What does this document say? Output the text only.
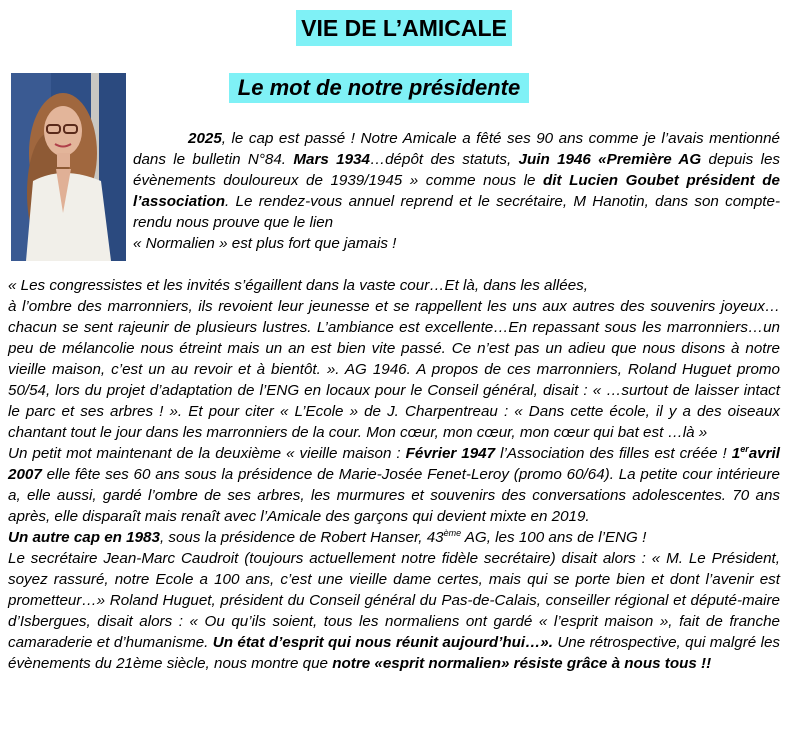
VIE DE L’AMICALE
Le mot de notre présidente

2025, le cap est passé ! Notre Amicale a fêté ses 90 ans comme je l’avais mentionné dans le bulletin N°84. Mars 1934…dépôt des statuts, Juin 1946 «Première AG depuis les évènements douloureux de 1939/1945 » comme nous le dit Lucien Goubet président de l’association. Le rendez-vous annuel reprend et le secrétaire, M Hanotin, dans son compte-rendu nous prouve que le lien

« Normalien » est plus fort que jamais !

« Les congressistes et les invités s’égaillent dans la vaste cour…Et là, dans les allées,

à l’ombre des marronniers, ils revoient leur jeunesse et se rappellent les uns aux autres des souvenirs joyeux…chacun se sent rajeunir de plusieurs lustres. L’ambiance est excellente…En repassant sous les marronniers…un peu de mélancolie nous étreint mais un an est bien vite passé. Ce n’est pas un adieu que nous disons à notre vieille maison, c’est un au revoir et à bientôt. ». AG 1946. A propos de ces marronniers, Roland Huguet promo 50/54, lors du projet d’adaptation de l’ENG en locaux pour le Conseil général, disait : « …surtout de laisser intact le parc et ses arbres ! ». Et pour citer « L’Ecole » de J. Charpentreau : « Dans cette école, il y a des oiseaux chantant tout le jour dans les marronniers de la cour. Mon cœur, mon cœur, mon cœur qui bat est …là »

Un petit mot maintenant de la deuxième « vieille maison : Février 1947 l’Association des filles est créée ! 1eravril 2007 elle fête ses 60 ans sous la présidence de Marie-Josée Fenet-Leroy (promo 60/64). La petite cour intérieure a, elle aussi, gardé l’ombre de ses arbres, les murmures et souvenirs des conversations adolescentes. 70 ans après, elle disparaît mais renaît avec l’Amicale des garçons qui devient mixte en 2019.

Un autre cap en 1983, sous la présidence de Robert Hanser, 43ème AG, les 100 ans de l’ENG !

Le secrétaire Jean-Marc Caudroit (toujours actuellement notre fidèle secrétaire) disait alors : « M. Le Président, soyez rassuré, notre Ecole a 100 ans, c’est une vieille dame certes, mais qui se porte bien et dont l’avenir est prometteur…» Roland Huguet, président du Conseil général du Pas-de-Calais, conseiller régional et député-maire d’Isbergues, disait alors : « Ou qu’ils soient, tous les normaliens ont gardé « l’esprit maison », fait de franche camaraderie et d’humanisme. Un état d’esprit qui nous réunit aujourd’hui…». Une rétrospective, qui malgré les évènements du 21ème siècle, nous montre que notre «esprit normalien» résiste grâce à nous tous !!
